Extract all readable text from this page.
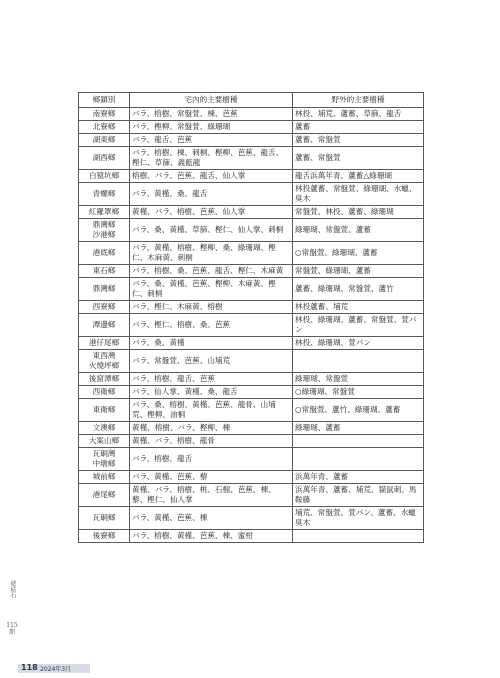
鄉鎮別	宅內的主要樹種	野外的主要樹種
南寮鄉	バラ、榕樹、常盤萱、楝、芭蕉	林投、埔荒、蘆蓄、草篩、龍舌
北寮鄉	バラ、樫柳、常盤萱、綠珊瑚	蘆蓄
湖東鄉	バラ、龍舌、芭蕉	蘆蓄、常盤萱
湖西鄉	バラ、榕樹、棟、刺桐、樫柳、芭蕉、龍舌、樫仁、草篩、義藍龍	蘆蓄、常盤萱
白猿坑鄉	榕樹、バラ、芭蕉、龍舌、仙人掌	龍舌浜萬年青、蘆蓄△綠珊瑚
青螺鄉	バラ、黃槿、桑、龍舌	林投蘆蓄、常盤萱、綠珊瑚、水蠟、臭木
紅羅罩鄉	黃槿、バラ、榕樹、芭蕉、仙人掌	常盤萱、林投、蘆蓄、綠珊瑚
鼎灣鄉
沙港鄉	バラ、桑、黃槿、草篩、樫仁、仙人掌、刺桐	綠珊瑚、常盤萱、蘆蓄
港底鄉	バラ、黃槿、榕樹、樫柳、桑、綠珊瑚、樫仁、木麻黃、刺桐	○常盤萱、綠珊瑚、蘆蓄
東石鄉	バラ、榕樹、桑、芭蕉、龍舌、樫仁、木麻黃	常盤萱、綠珊瑚、蘆蓄
鼎灣鄉	バラ、桑、黃槿、芭蕉、樫柳、木麻黃、樫仁、刺桐	蘆蓄、綠珊瑚、常盤萱、蘆竹
西寮鄉	バラ、樫仁、木麻黃、榕樹	林投蘆蓄、埔荒
潭邊鄉	バラ、樫仁、榕樹、桑、芭蕉	林投、綠珊瑚、蘆蓄、常盤萱、萱パン
港仔尾鄉	バラ、桑、黃槿	林投、綠珊瑚、萱パン
東西灣
火燒坪鄉	バラ、常盤萱、芭蕉、山埔荒	
後窟潭鄉	バラ、榕樹、龍舌、芭蕉	綠珊瑚、常盤萱
西衛鄉	バラ、仙人掌、黃槿、桑、龍舌	○綠珊瑚、常盤萱
東衛鄉	バラ、桑、榕樹、黃槿、芭蕉、龍骨、山埔荒、樫柳、油桐	○常盤萱、蘆竹、綠珊瑚、蘆蓄
文澳鄉	黃槿、榕樹、バラ、樫柳、棟	綠珊瑚、蘆蓄
大案山鄉	黃槿、バラ、榕樹、龍骨	
瓦硐灣
中墩鄉	バラ、榕樹、龍舌	
城前鄉	バラ、黃槿、芭蕉、藜	浜萬年青、蘆蓄
港尾鄉	黃槿、バラ、榕樹、桃、石榴、芭蕉、棟、藜、樫仁、仙人掌	浜萬年青、蘆蓄、埔荒、貓鼠刺、馬鞍藤
瓦硐鄉	バラ、黃槿、芭蕉、棟	埔荒、常盤萱、萱パン、蘆蓄、水蠟臭木
後寮鄉	バラ、榕樹、黃槿、芭蕉、棟、蜜柑	
硓𥑮石
115期
118 2024年3月
